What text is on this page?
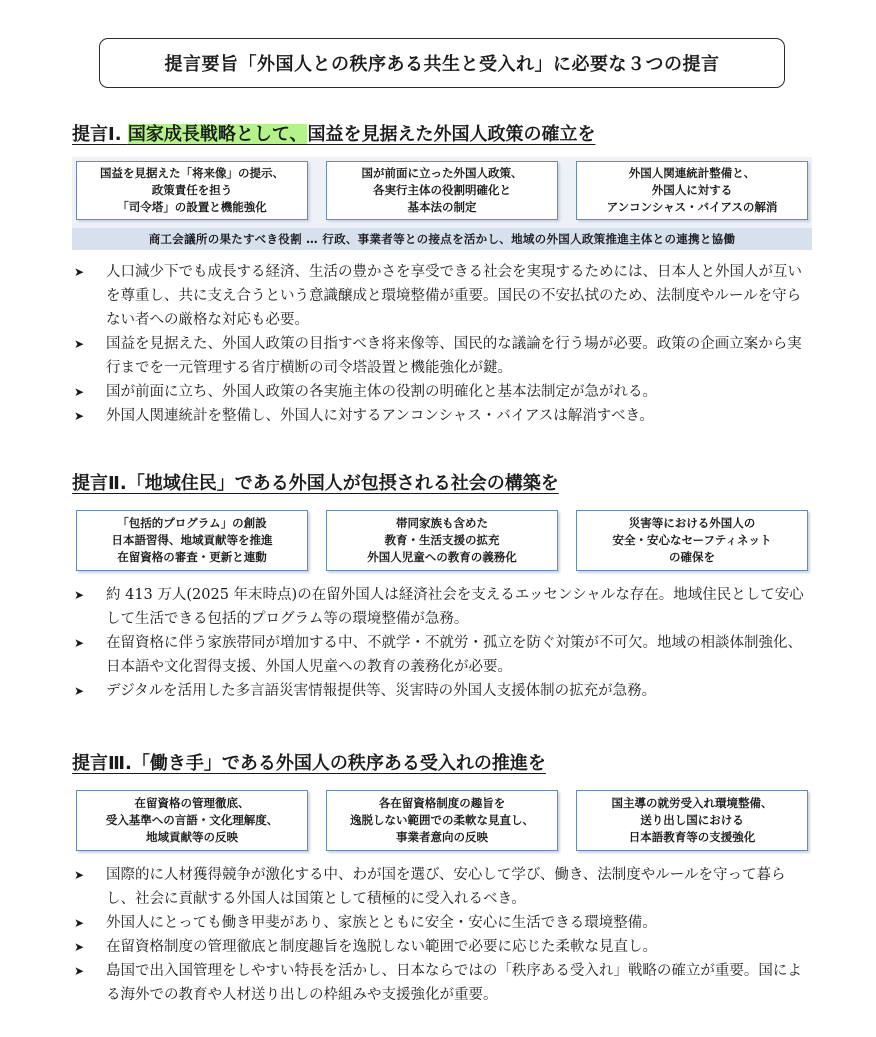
提言要旨「外国人との秩序ある共生と受入れ」に必要な３つの提言
提言Ⅰ. 国家成長戦略として、国益を見据えた外国人政策の確立を
国益を見据えた「将来像」の提示、
政策責任を担う
「司令塔」の設置と機能強化
国が前面に立った外国人政策、
各実行主体の役割明確化と
基本法の制定
外国人関連統計整備と、
外国人に対する
アンコンシャス・バイアスの解消
商工会議所の果たすべき役割 … 行政、事業者等との接点を活かし、地域の外国人政策推進主体との連携と協働
➤	人口減少下でも成長する経済、生活の豊かさを享受できる社会を実現するためには、日本人と外国人が互いを尊重し、共に支え合うという意識醸成と環境整備が重要。国民の不安払拭のため、法制度やルールを守らない者への厳格な対応も必要。
➤	国益を見据えた、外国人政策の目指すべき将来像等、国民的な議論を行う場が必要。政策の企画立案から実行までを一元管理する省庁横断の司令塔設置と機能強化が鍵。
➤	国が前面に立ち、外国人政策の各実施主体の役割の明確化と基本法制定が急がれる。
➤	外国人関連統計を整備し、外国人に対するアンコンシャス・バイアスは解消すべき。
提言Ⅱ.「地域住民」である外国人が包摂される社会の構築を
「包括的プログラム」の創設
日本語習得、地域貢献等を推進
在留資格の審査・更新と連動
帯同家族も含めた
教育・生活支援の拡充
外国人児童への教育の義務化
災害等における外国人の
安全・安心なセーフティネット
の確保を
➤	約 413 万人(2025 年末時点)の在留外国人は経済社会を支えるエッセンシャルな存在。地域住民として安心して生活できる包括的プログラム等の環境整備が急務。
➤	在留資格に伴う家族帯同が増加する中、不就学・不就労・孤立を防ぐ対策が不可欠。地域の相談体制強化、日本語や文化習得支援、外国人児童への教育の義務化が必要。
➤	デジタルを活用した多言語災害情報提供等、災害時の外国人支援体制の拡充が急務。
提言Ⅲ.「働き手」である外国人の秩序ある受入れの推進を
在留資格の管理徹底、
受入基準への言語・文化理解度、
地域貢献等の反映
各在留資格制度の趣旨を
逸脱しない範囲での柔軟な見直し、
事業者意向の反映
国主導の就労受入れ環境整備、
送り出し国における
日本語教育等の支援強化
➤	国際的に人材獲得競争が激化する中、わが国を選び、安心して学び、働き、法制度やルールを守って暮らし、社会に貢献する外国人は国策として積極的に受入れるべき。
➤	外国人にとっても働き甲斐があり、家族とともに安全・安心に生活できる環境整備。
➤	在留資格制度の管理徹底と制度趣旨を逸脱しない範囲で必要に応じた柔軟な見直し。
➤	島国で出入国管理をしやすい特長を活かし、日本ならではの「秩序ある受入れ」戦略の確立が重要。国による海外での教育や人材送り出しの枠組みや支援強化が重要。
